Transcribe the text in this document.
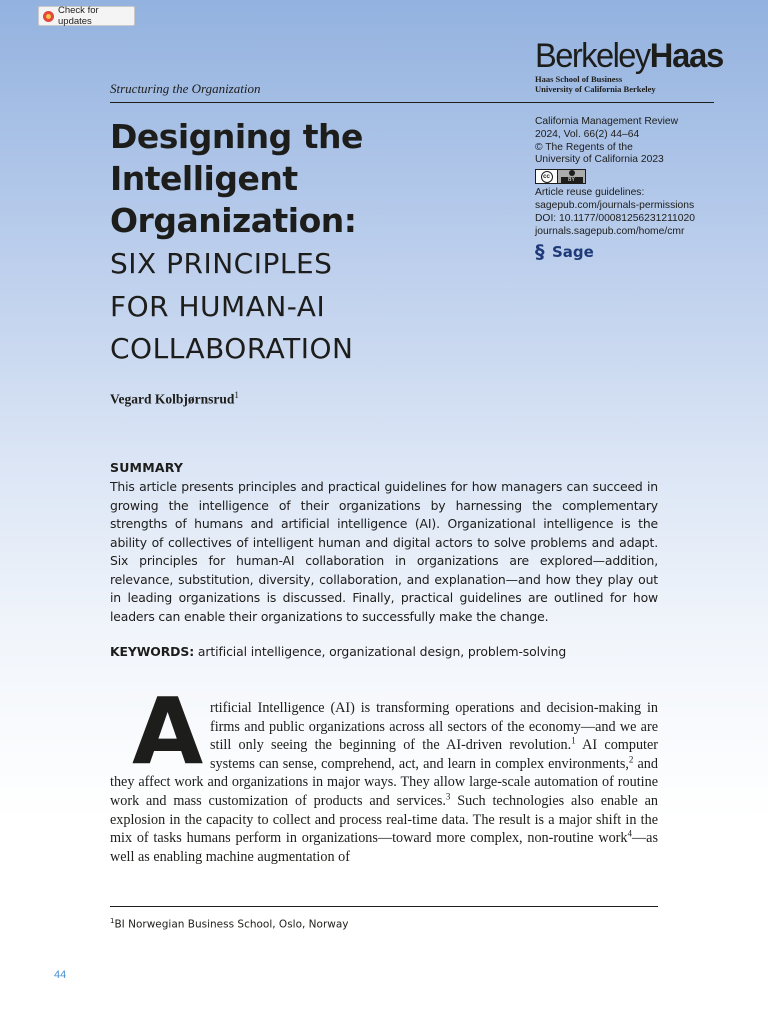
Check for updates
BerkeleyHaas
Haas School of Business
University of California Berkeley
Structuring the Organization
Designing the
Intelligent
Organization:
SIX PRINCIPLES
FOR HUMAN-AI
COLLABORATION
California Management Review
2024, Vol. 66(2) 44–64
© The Regents of the
University of California 2023
cc
BY
Article reuse guidelines:
sagepub.com/journals-permissions
DOI: 10.1177/00081256231211020
journals.sagepub.com/home/cmr
§ Sage
Vegard Kolbjørnsrud$^1$
SUMMARY
This article presents principles and practical guidelines for how managers can succeed in growing the intelligence of their organizations by harnessing the complementary strengths of humans and artificial intelligence (AI). Organizational intelligence is the ability of collectives of intelligent human and digital actors to solve problems and adapt. Six principles for human-AI collaboration in organizations are explored—addition, relevance, substitution, diversity, collaboration, and explanation—and how they play out in leading organizations is discussed. Finally, practical guidelines are outlined for how leaders can enable their organizations to successfully make the change.
KEYWORDS: artificial intelligence, organizational design, problem-solving
A rtificial Intelligence (AI) is transforming operations and decision-making in firms and public organizations across all sectors of the economy—and we are still only seeing the beginning of the AI-driven revolution.$^1$ AI computer systems can sense, comprehend, act, and learn in complex environments,$^2$ and they affect work and organizations in major ways. They allow large-scale automation of routine work and mass customization of products and services.$^3$ Such technologies also enable an explosion in the capacity to collect and process real-time data. The result is a major shift in the mix of tasks humans perform in organizations—toward more complex, non-routine work$^4$—as well as enabling machine augmentation of
$^1$BI Norwegian Business School, Oslo, Norway
44
